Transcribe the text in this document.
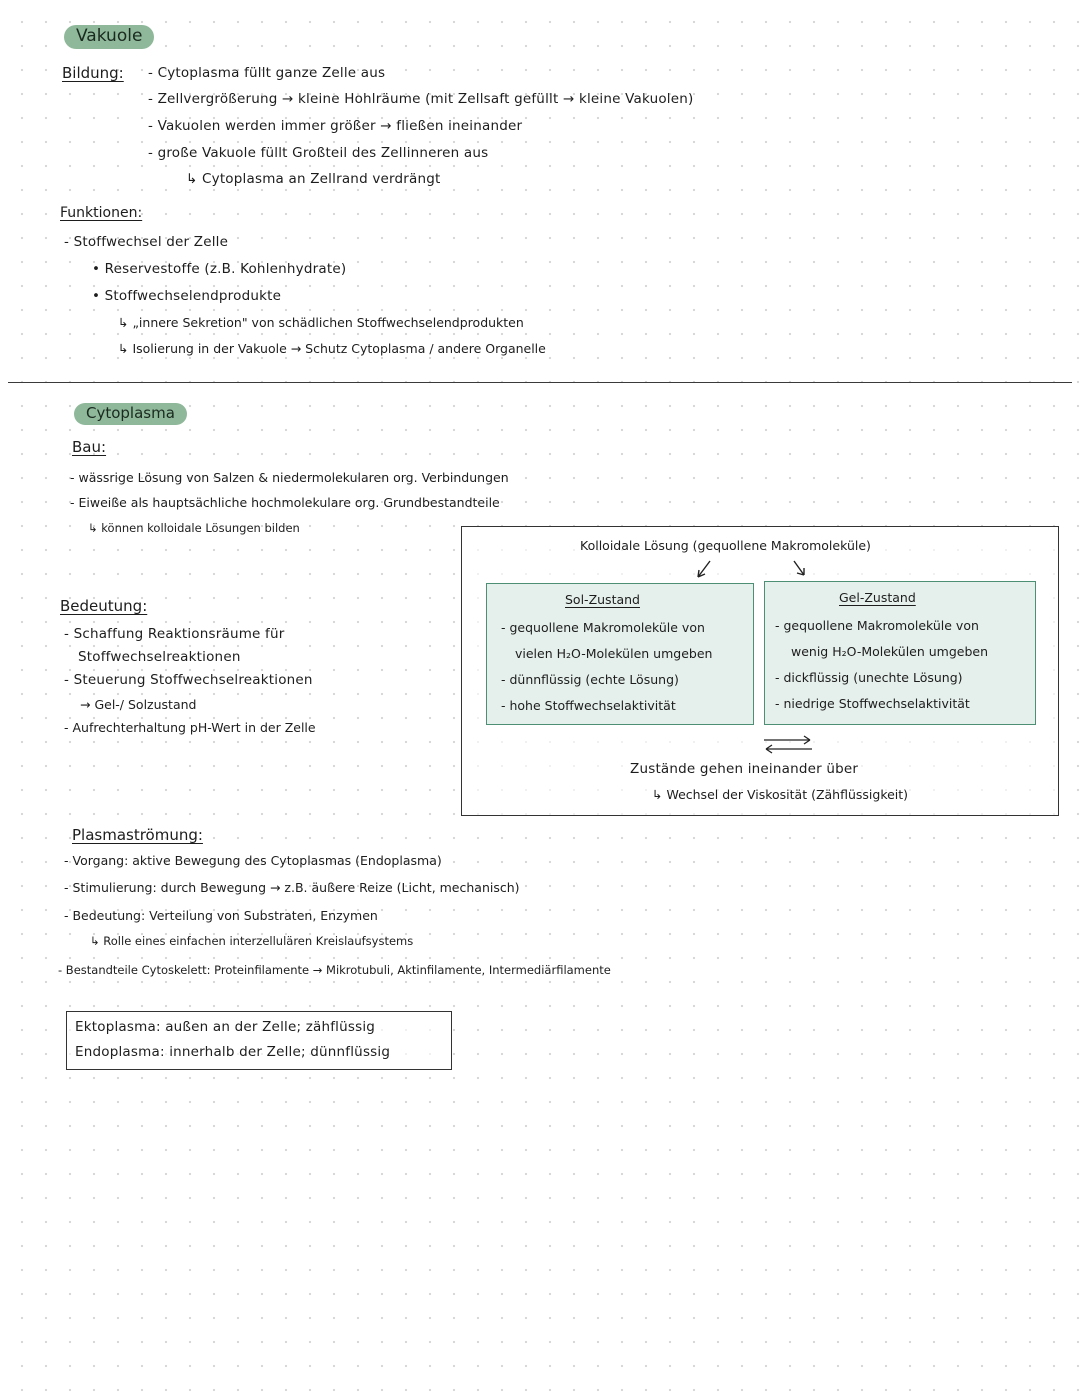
Vakuole
Bildung: - Cytoplasma füllt ganze Zelle aus
- Zellvergrößerung → kleine Hohlräume (mit Zellsaft gefüllt → kleine Vakuolen)
- Vakuolen werden immer größer → fließen ineinander
- große Vakuole füllt Großteil des Zellinneren aus
↳ Cytoplasma an Zellrand verdrängt
Funktionen:
- Stoffwechsel der Zelle
• Reservestoffe (z.B. Kohlenhydrate)
• Stoffwechselendprodukte
↳ „innere Sekretion" von schädlichen Stoffwechselendprodukten
↳ Isolierung in der Vakuole → Schutz Cytoplasma / andere Organelle
Cytoplasma
Bau:
- wässrige Lösung von Salzen & niedermolekularen org. Verbindungen
- Eiweiße als hauptsächliche hochmolekulare org. Grundbestandteile
↳ können kolloidale Lösungen bilden
Bedeutung:
- Schaffung Reaktionsräume für
Stoffwechselreaktionen
- Steuerung Stoffwechselreaktionen
→ Gel-/ Solzustand
- Aufrechterhaltung pH-Wert in der Zelle
Kolloidale Lösung (gequollene Makromoleküle)
Sol-Zustand
- gequollene Makromoleküle von
vielen H₂O-Molekülen umgeben
- dünnflüssig (echte Lösung)
- hohe Stoffwechselaktivität
Gel-Zustand
- gequollene Makromoleküle von
wenig H₂O-Molekülen umgeben
- dickflüssig (unechte Lösung)
- niedrige Stoffwechselaktivität
Zustände gehen ineinander über
↳ Wechsel der Viskosität (Zähflüssigkeit)
Plasmaströmung:
- Vorgang: aktive Bewegung des Cytoplasmas (Endoplasma)
- Stimulierung: durch Bewegung → z.B. äußere Reize (Licht, mechanisch)
- Bedeutung: Verteilung von Substraten, Enzymen
↳ Rolle eines einfachen interzellulären Kreislaufsystems
- Bestandteile Cytoskelett: Proteinfilamente → Mikrotubuli, Aktinfilamente, Intermediärfilamente
Ektoplasma: außen an der Zelle; zähflüssig
Endoplasma: innerhalb der Zelle; dünnflüssig
